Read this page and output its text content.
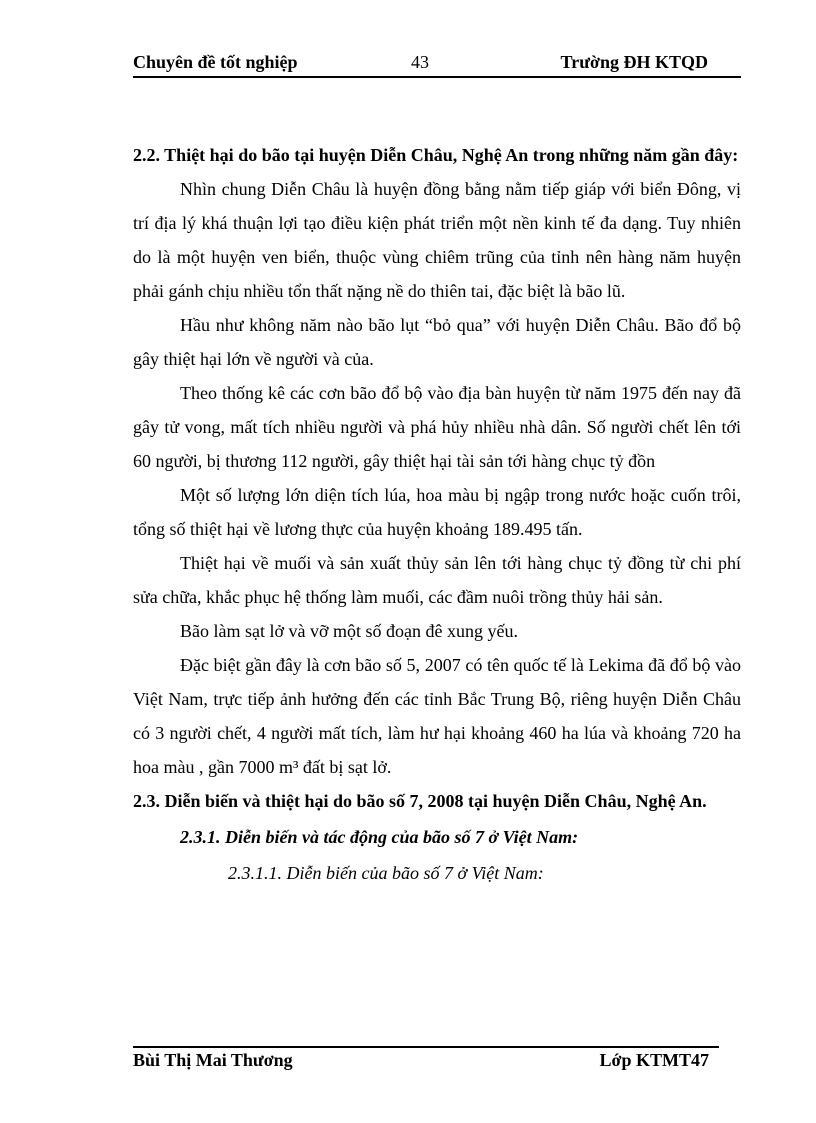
Chuyên đề tốt nghiệp	43	Trường ĐH KTQD

2.2. Thiệt hại do bão tại huyện Diễn Châu, Nghệ An trong những năm gần đây:

Nhìn chung Diễn Châu là huyện đồng bằng nằm tiếp giáp với biển Đông, vị trí địa lý khá thuận lợi tạo điều kiện phát triển một nền kinh tế đa dạng. Tuy nhiên do là một huyện ven biển, thuộc vùng chiêm trũng của tỉnh nên hàng năm huyện phải gánh chịu nhiều tổn thất nặng nề do thiên tai, đặc biệt là bão lũ.

Hầu như không năm nào bão lụt “bỏ qua” với huyện Diễn Châu. Bão đổ bộ gây thiệt hại lớn về người và của.

Theo thống kê các cơn bão đổ bộ vào địa bàn huyện từ năm 1975 đến nay đã gây tử vong, mất tích nhiều người và phá hủy nhiều nhà dân. Số người chết lên tới 60 người, bị thương 112 người, gây thiệt hại tài sản tới hàng chục tỷ đồn

Một số lượng lớn diện tích lúa, hoa màu bị ngập trong nước hoặc cuốn trôi, tổng số thiệt hại về lương thực của huyện khoảng 189.495 tấn.

Thiệt hại về muối và sản xuất thủy sản lên tới hàng chục tỷ đồng từ chi phí sửa chữa, khắc phục hệ thống làm muối, các đầm nuôi trồng thủy hải sản.

Bão làm sạt lở và vỡ một số đoạn đê xung yếu.

Đặc biệt gần đây là cơn bão số 5, 2007 có tên quốc tế là Lekima đã đổ bộ vào Việt Nam, trực tiếp ảnh hưởng đến các tỉnh Bắc Trung Bộ, riêng huyện Diễn Châu có 3 người chết, 4 người mất tích, làm hư hại khoảng 460 ha lúa và khoảng 720 ha hoa màu , gần 7000 m³ đất bị sạt lở.

2.3. Diễn biến và thiệt hại do bão số 7, 2008 tại huyện Diễn Châu, Nghệ An.

2.3.1. Diễn biến và tác động của bão số 7 ở Việt Nam:

2.3.1.1. Diễn biến của bão số 7 ở Việt Nam:

Bùi Thị Mai Thương	Lớp KTMT47
